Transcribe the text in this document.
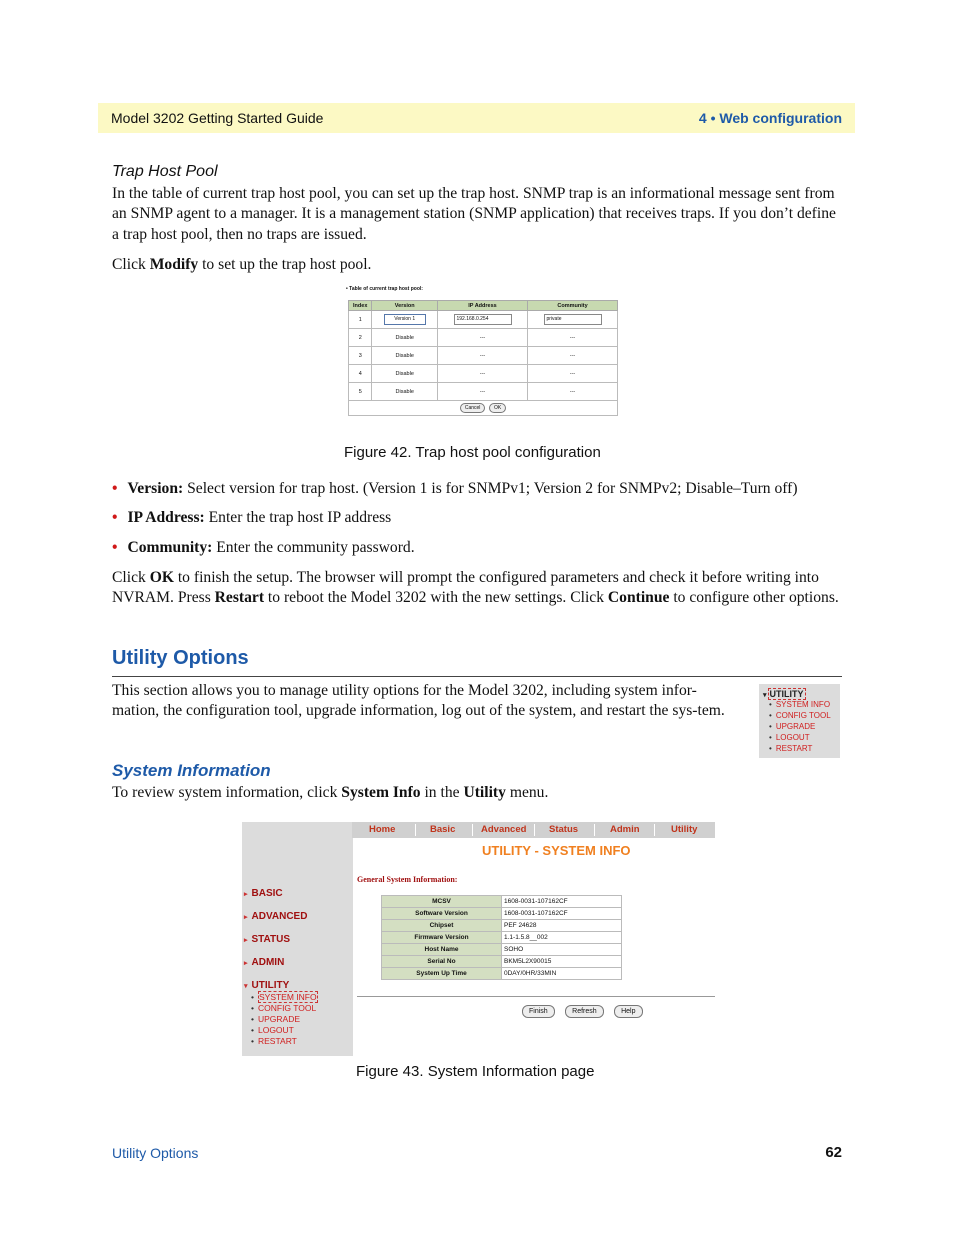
Model 3202 Getting Started Guide	4 • Web configuration
Trap Host Pool

In the table of current trap host pool, you can set up the trap host. SNMP trap is an informational message sent from an SNMP agent to a manager. It is a management station (SNMP application) that receives traps. If you don’t define a trap host pool, then no traps are issued.

Click Modify to set up the trap host pool.

• Table of current trap host pool:
Index	Version	IP Address	Community
1	Version 1	192.168.0.254	private
2	Disable	---	---
3	Disable	---	---
4	Disable	---	---
5	Disable	---	---
Cancel OK			
Figure 42. Trap host pool configuration
• Version: Select version for trap host. (Version 1 is for SNMPv1; Version 2 for SNMPv2; Disable–Turn off)
• IP Address: Enter the trap host IP address
• Community: Enter the community password.

Click OK to finish the setup. The browser will prompt the configured parameters and check it before writing into NVRAM. Press Restart to reboot the Model 3202 with the new settings. Click Continue to configure other options.

Utility Options

This section allows you to manage utility options for the Model 3202, including system infor-mation, the configuration tool, upgrade information, log out of the system, and restart the sys-tem.

▾ UTILITY
• SYSTEM INFO
• CONFIG TOOL
• UPGRADE
• LOGOUT
• RESTART
System Information

To review system information, click System Info in the Utility menu.

▸ BASIC
▸ ADVANCED
▸ STATUS
▸ ADMIN
▾ UTILITY
• SYSTEM INFO
• CONFIG TOOL
• UPGRADE
• LOGOUT
• RESTART
Home	Basic	Advanced Status	Admin	Utility
UTILITY - SYSTEM INFO
General System Information:
MCSV	1608-0031-107162CF
Software Version	1608-0031-107162CF
Chipset	PEF 24628
Firmware Version	1.1-1.5.8__002
Host Name	SOHO
Serial No	BKM5L2X90015
System Up Time	0DAY/0HR/33MIN
Finish	Refresh	Help
Figure 43. System Information page
Utility Options	62
